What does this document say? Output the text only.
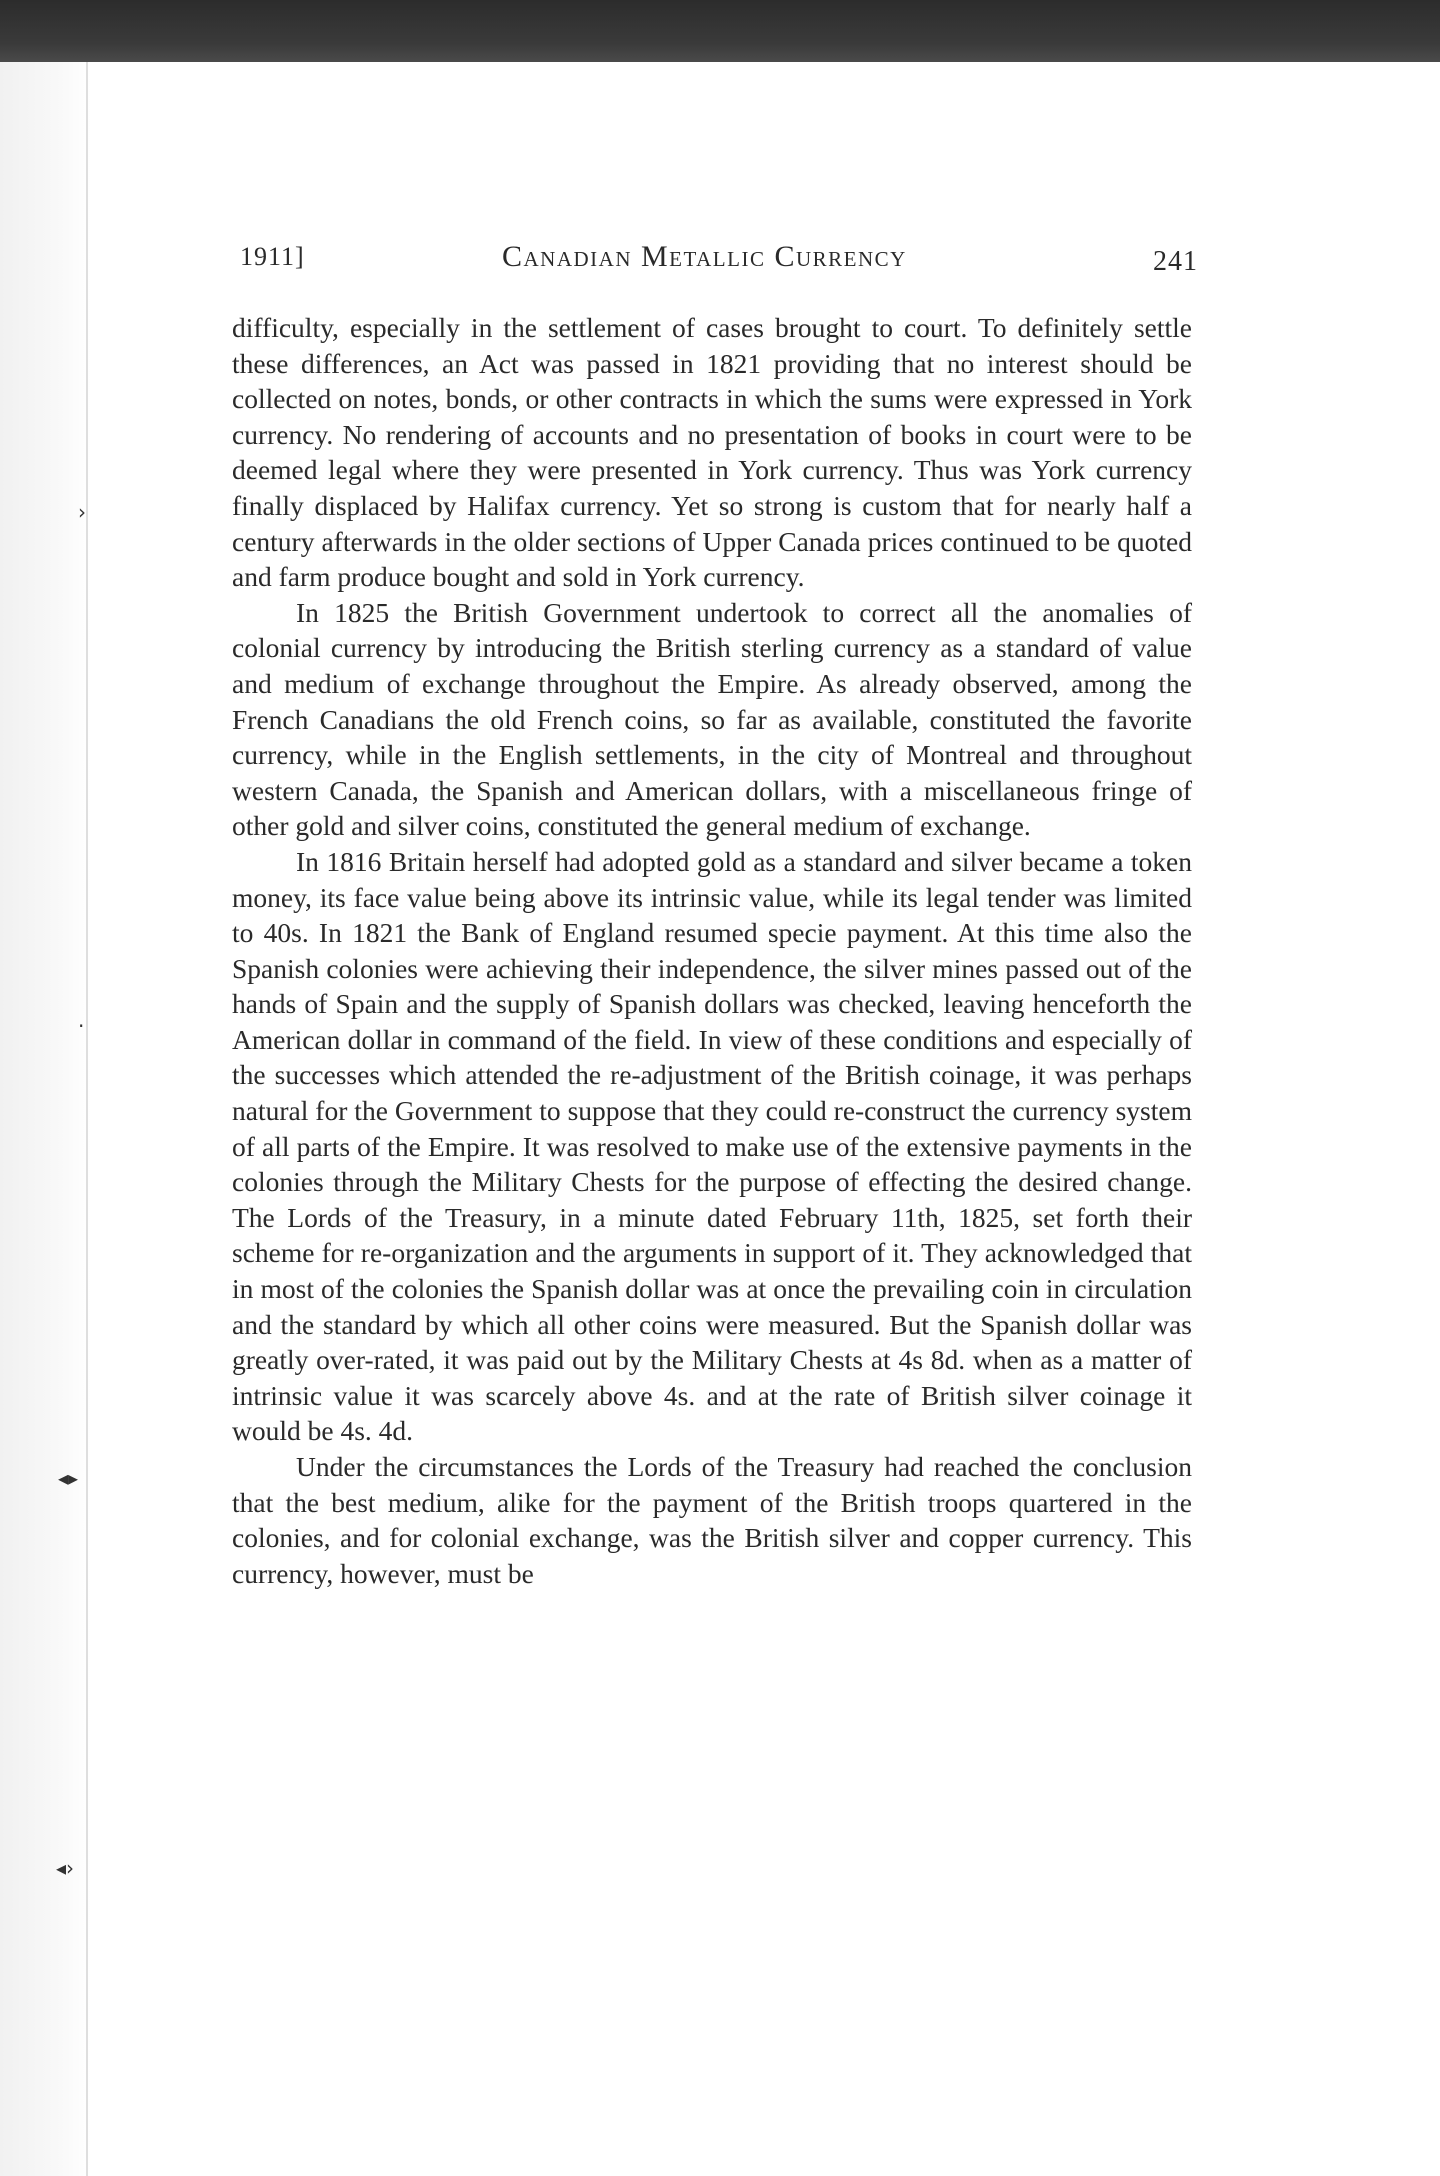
›
·
◂▸
◂›
1911]	Canadian Metallic Currency	241

difficulty, especially in the settlement of cases brought to court. To definitely settle these differences, an Act was passed in 1821 providing that no interest should be collected on notes, bonds, or other contracts in which the sums were expressed in York currency. No rendering of accounts and no presentation of books in court were to be deemed legal where they were presented in York currency. Thus was York currency finally displaced by Halifax currency. Yet so strong is custom that for nearly half a century afterwards in the older sections of Upper Canada prices continued to be quoted and farm produce bought and sold in York currency.

In 1825 the British Government undertook to correct all the anomalies of colonial currency by introducing the British sterling currency as a standard of value and medium of exchange throughout the Empire. As already observed, among the French Canadians the old French coins, so far as available, constituted the favorite currency, while in the English settlements, in the city of Montreal and throughout western Canada, the Spanish and American dollars, with a miscellaneous fringe of other gold and silver coins, constituted the general medium of exchange.

In 1816 Britain herself had adopted gold as a standard and silver became a token money, its face value being above its intrinsic value, while its legal tender was limited to 40s. In 1821 the Bank of England resumed specie payment. At this time also the Spanish colonies were achieving their independence, the silver mines passed out of the hands of Spain and the supply of Spanish dollars was checked, leaving henceforth the American dollar in command of the field. In view of these conditions and especially of the successes which attended the re-adjustment of the British coinage, it was perhaps natural for the Government to suppose that they could re-construct the currency system of all parts of the Empire. It was resolved to make use of the extensive payments in the colonies through the Military Chests for the purpose of effecting the desired change. The Lords of the Treasury, in a minute dated February 11th, 1825, set forth their scheme for re-organization and the arguments in support of it. They acknowledged that in most of the colonies the Spanish dollar was at once the prevailing coin in circulation and the standard by which all other coins were measured. But the Spanish dollar was greatly over-rated, it was paid out by the Military Chests at 4s 8d. when as a matter of intrinsic value it was scarcely above 4s. and at the rate of British silver coinage it would be 4s. 4d.

Under the circumstances the Lords of the Treasury had reached the conclusion that the best medium, alike for the payment of the British troops quartered in the colonies, and for colonial exchange, was the British silver and copper currency. This currency, however, must be
